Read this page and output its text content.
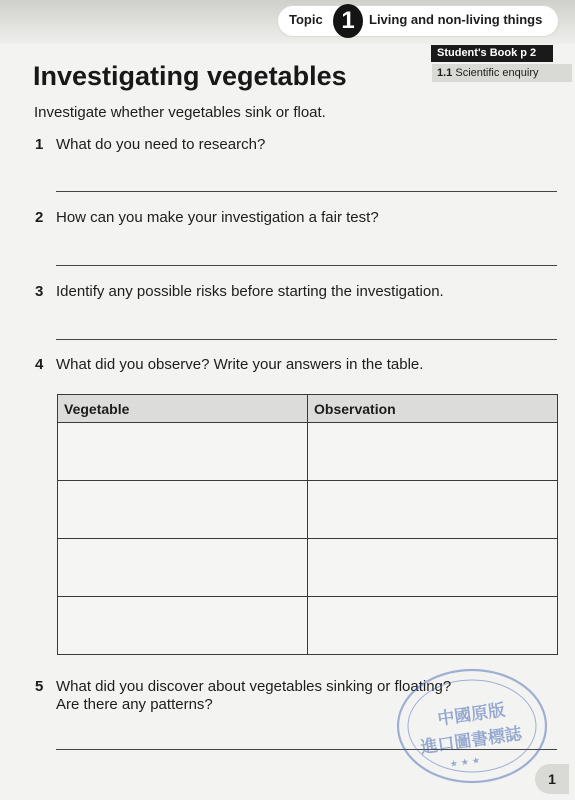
Topic 1	Living and non-living things
Student's Book p 2
1.1 Scientific enquiry
Investigating vegetables
Investigate whether vegetables sink or float.
1 What do you need to research?
2 How can you make your investigation a fair test?
3 Identify any possible risks before starting the investigation.
4 What did you observe? Write your answers in the table.
Vegetable	Observation

5 What did you discover about vegetables sinking or floating?
Are there any patterns?	中國原版
進口圖書標誌
★ ★ ★
1
